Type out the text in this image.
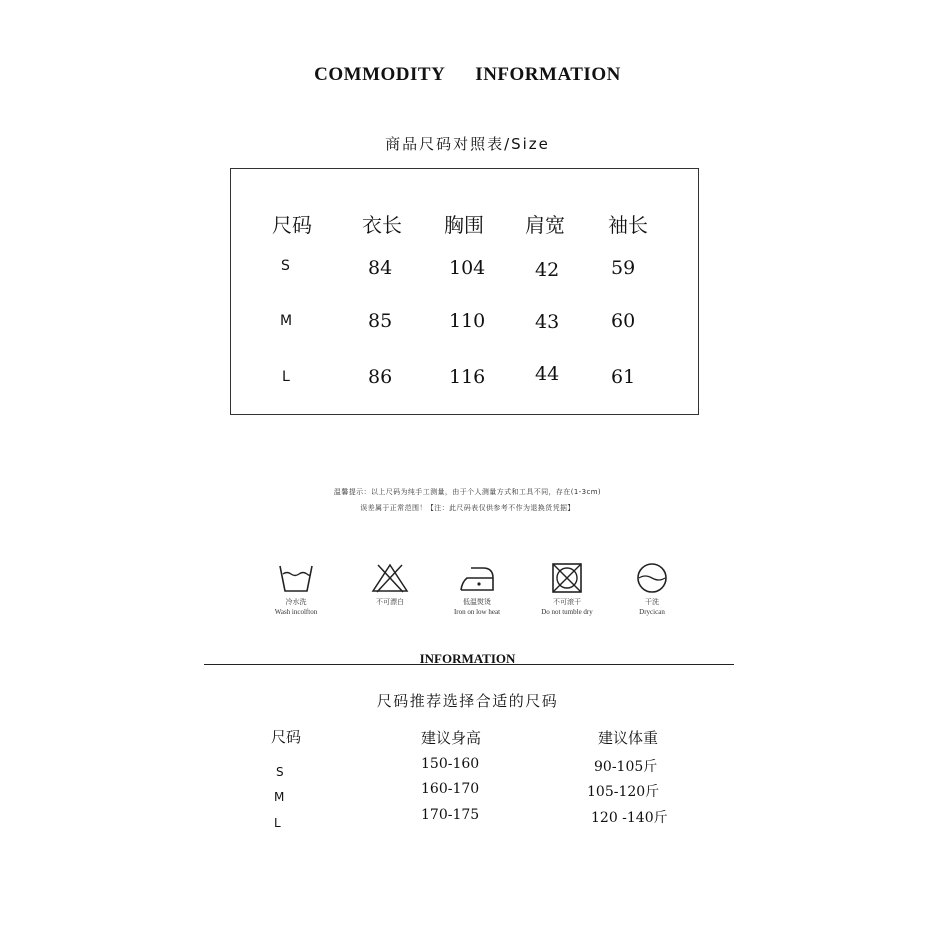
COMMODITY INFORMATION
商品尺码对照表/Size
尺码	衣长 胸围 肩宽 袖长
S	84	104	42	59
M	85	110	43	60
L	86	116	44	61
温馨提示：以上尺码为纯手工测量，由于个人测量方式和工具不同，存在(1-3cm)
误差属于正常范围！【注：此尺码表仅供参考不作为退换货凭据】
冷水洗
Wash incolfton
不可漂白	低温熨烫
Iron on low heat
不可滚干
Do not tumble dry
干洗
Drycican
INFORMATION
尺码推荐选择合适的尺码
尺码	建议身高	建议体重
S	150-160	90-105斤
M	160-170	105-120斤
L	170-175	120 -140斤
